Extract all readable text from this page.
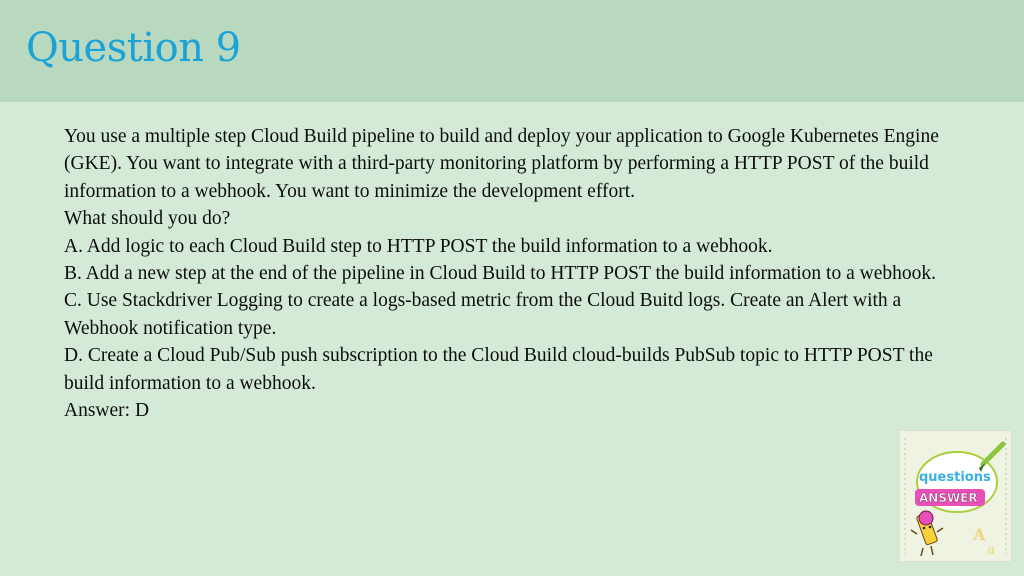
Question 9

You use a multiple step Cloud Build pipeline to build and deploy your application to Google Kubernetes Engine (GKE). You want to integrate with a third-party monitoring platform by performing a HTTP POST of the build information to a webhook. You want to minimize the development effort.

What should you do?

A. Add logic to each Cloud Build step to HTTP POST the build information to a webhook.

B. Add a new step at the end of the pipeline in Cloud Build to HTTP POST the build information to a webhook.

C. Use Stackdriver Logging to create a logs-based metric from the Cloud Buitd logs. Create an Alert with a Webhook notification type.

D. Create a Cloud Pub/Sub push subscription to the Cloud Build cloud-builds PubSub topic to HTTP POST the build information to a webhook.

Answer: D

questions
ANSWER
A
a
